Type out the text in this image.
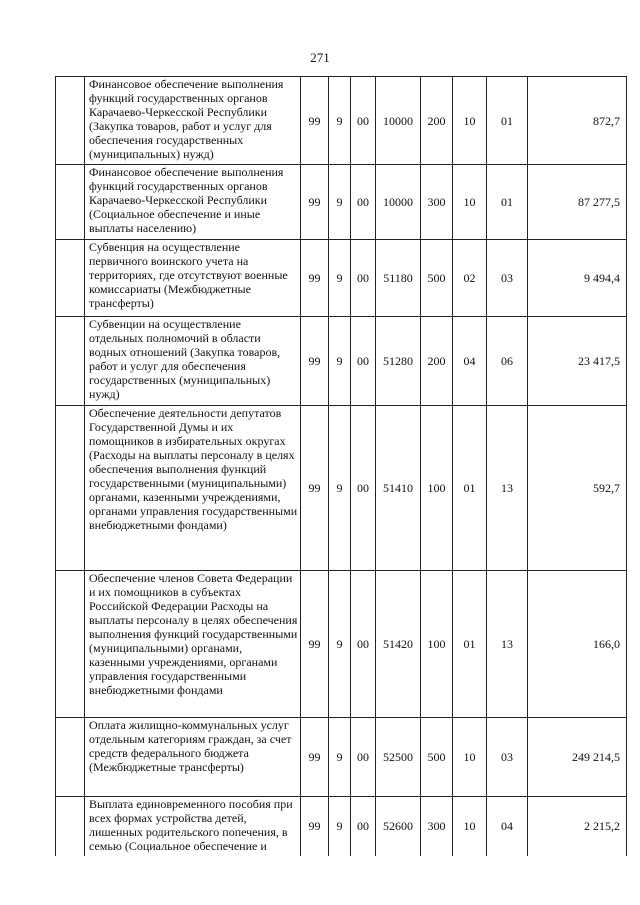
271
	Финансовое обеспечение выполнения функций государственных органов Карачаево-Черкесской Республики (Закупка товаров, работ и услуг для обеспечения государственных (муниципальных) нужд)	99	9	00	10000	200	10	01	872,7
	Финансовое обеспечение выполнения функций государственных органов Карачаево-Черкесской Республики (Социальное обеспечение и иные выплаты населению)	99	9	00	10000	300	10	01	87 277,5
	Субвенция на осуществление первичного воинского учета на территориях, где отсутствуют военные комиссариаты (Межбюджетные трансферты)	99	9	00	51180	500	02	03	9 494,4
	Субвенции на осуществление отдельных полномочий в области водных отношений (Закупка товаров, работ и услуг для обеспечения государственных (муниципальных) нужд)	99	9	00	51280	200	04	06	23 417,5
	Обеспечение деятельности депутатов Государственной Думы и их помощников в избирательных округах (Расходы на выплаты персоналу в целях обеспечения выполнения функций государственными (муниципальными) органами, казенными учреждениями, органами управления государственными внебюджетными фондами)	99	9	00	51410	100	01	13	592,7
	Обеспечение членов Совета Федерации и их помощников в субъектах Российской Федерации Расходы на выплаты персоналу в целях обеспечения выполнения функций государственными (муниципальными) органами, казенными учреждениями, органами управления государственными внебюджетными фондами	99	9	00	51420	100	01	13	166,0
	Оплата жилищно-коммунальных услуг отдельным категориям граждан, за счет средств федерального бюджета (Межбюджетные трансферты)	99	9	00	52500	500	10	03	249 214,5
	Выплата единовременного пособия при всех формах устройства детей, лишенных родительского попечения, в семью (Социальное обеспечение и	99	9	00	52600	300	10	04	2 215,2
